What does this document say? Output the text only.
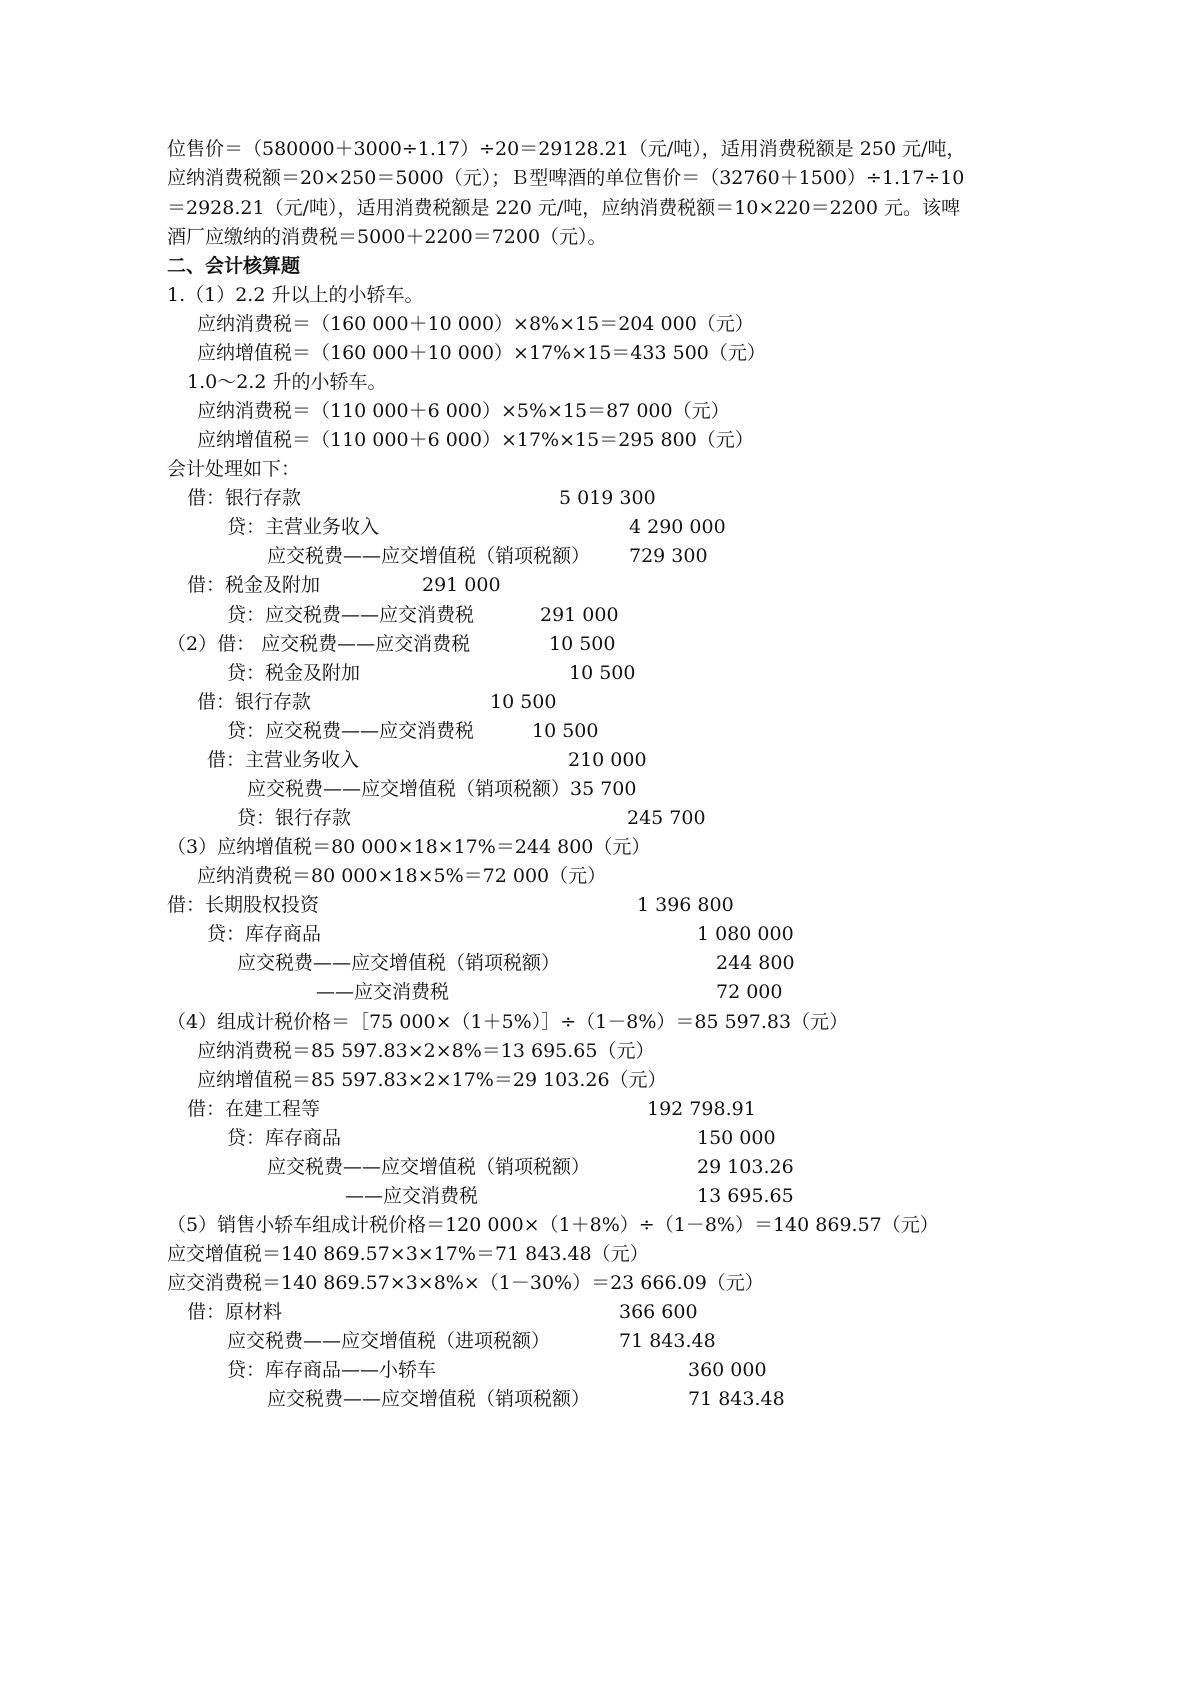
位售价＝（580000＋3000÷1.17）÷20＝29128.21（元/吨），适用消费税额是 250 元/吨，
应纳消费税额＝20×250＝5000（元）；Ｂ型啤酒的单位售价＝（32760＋1500）÷1.17÷10
＝2928.21（元/吨），适用消费税额是 220 元/吨，应纳消费税额＝10×220＝2200 元。该啤
酒厂应缴纳的消费税＝5000＋2200＝7200（元）。
二、会计核算题
1.（1）2.2 升以上的小轿车。
应纳消费税＝（160 000＋10 000）×8%×15＝204 000（元）
应纳增值税＝（160 000＋10 000）×17%×15＝433 500（元）
1.0～2.2 升的小轿车。
应纳消费税＝（110 000＋6 000）×5%×15＝87 000（元）
应纳增值税＝（110 000＋6 000）×17%×15＝295 800（元）
会计处理如下：
借：银行存款	5 019 300
贷：主营业务收入	4 290 000
应交税费——应交增值税（销项税额） 729 300
借：税金及附加	291 000
贷：应交税费——应交消费税	291 000
（2）借： 应交税费——应交消费税	10 500
贷：税金及附加	10 500
借：银行存款	10 500
贷：应交税费——应交消费税	10 500
借：主营业务收入	210 000
应交税费——应交增值税（销项税额）35 700
贷：银行存款	245 700
（3）应纳增值税＝80 000×18×17%＝244 800（元）
应纳消费税＝80 000×18×5%＝72 000（元）
借：长期股权投资	1 396 800
贷：库存商品	1 080 000
应交税费——应交增值税（销项税额）	244 800
——应交消费税	72 000
（4）组成计税价格＝［75 000×（1＋5%）］÷（1－8%）＝85 597.83（元）
应纳消费税＝85 597.83×2×8%＝13 695.65（元）
应纳增值税＝85 597.83×2×17%＝29 103.26（元）
借：在建工程等	192 798.91
贷：库存商品	150 000
应交税费——应交增值税（销项税额）	29 103.26
——应交消费税	13 695.65
（5）销售小轿车组成计税价格＝120 000×（1＋8%）÷（1－8%）＝140 869.57（元）
应交增值税＝140 869.57×3×17%＝71 843.48（元）
应交消费税＝140 869.57×3×8%×（1－30%）＝23 666.09（元）
借：原材料	366 600
应交税费——应交增值税（进项税额）	71 843.48
贷：库存商品——小轿车	360 000
应交税费——应交增值税（销项税额）	71 843.48
